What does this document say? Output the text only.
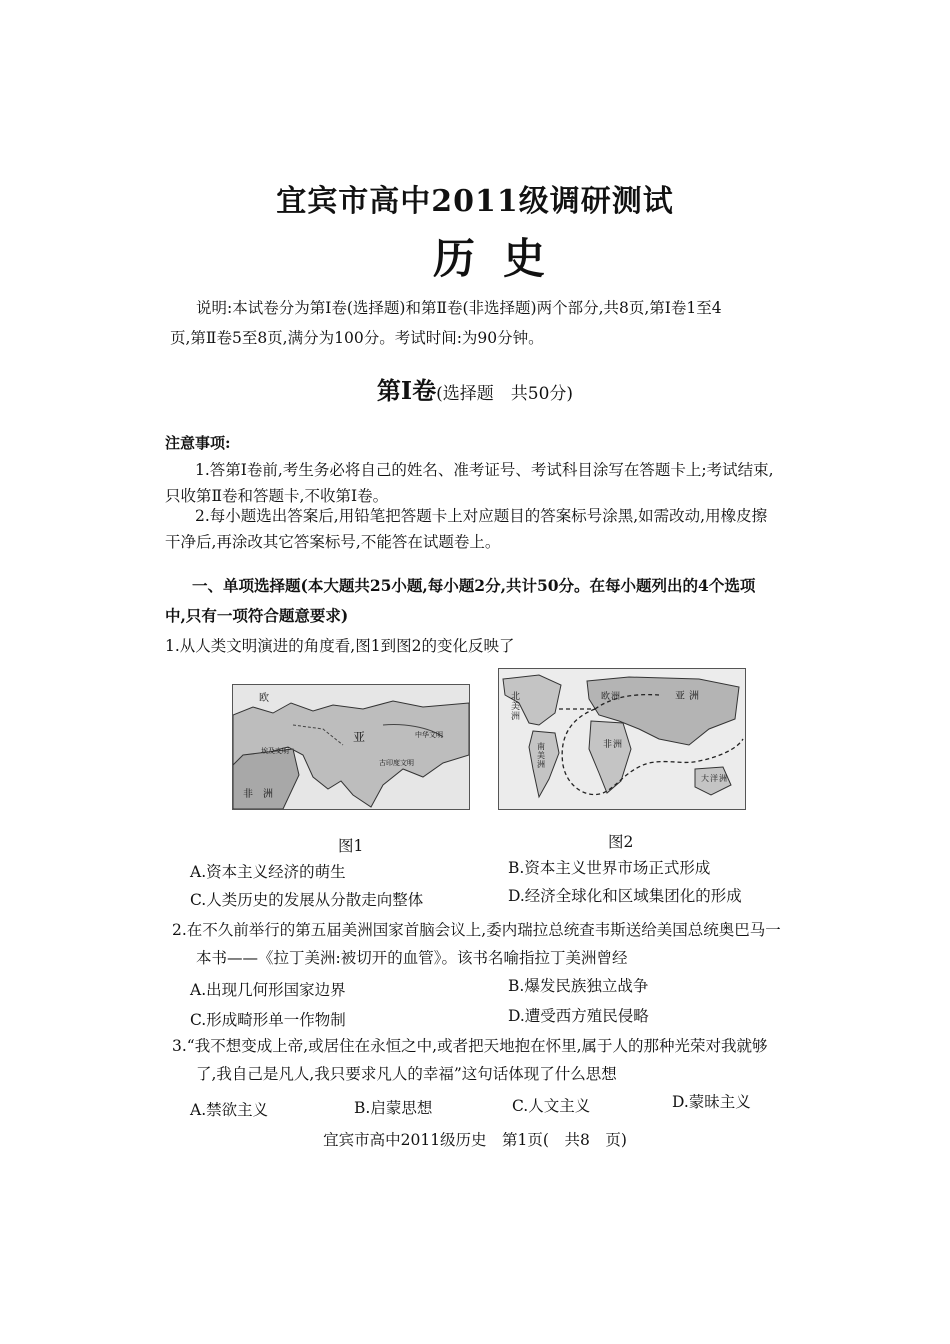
宜宾市高中2011级调研测试
历史
说明:本试卷分为第Ⅰ卷(选择题)和第Ⅱ卷(非选择题)两个部分,共8页,第Ⅰ卷1至4
页,第Ⅱ卷5至8页,满分为100分。考试时间:为90分钟。
第Ⅰ卷(选择题　共50分)
注意事项:
1.答第Ⅰ卷前,考生务必将自己的姓名、准考证号、考试科目涂写在答题卡上;考试结束,
只收第Ⅱ卷和答题卡,不收第Ⅰ卷。
2.每小题选出答案后,用铅笔把答题卡上对应题目的答案标号涂黑,如需改动,用橡皮擦
干净后,再涂改其它答案标号,不能答在试题卷上。
一、单项选择题(本大题共25小题,每小题2分,共计50分。在每小题列出的4个选项
中,只有一项符合题意要求)
1.从人类文明演进的角度看,图1到图2的变化反映了
欧
亚
非　洲
埃及文明
古印度文明
中华文明
北
美
洲
欧 洲	亚 洲
非 洲
南
美
洲
大 洋 洲
图1	图2
A.资本主义经济的萌生	B.资本主义世界市场正式形成
C.人类历史的发展从分散走向整体	D.经济全球化和区域集团化的形成
2.在不久前举行的第五届美洲国家首脑会议上,委内瑞拉总统查韦斯送给美国总统奥巴马一
本书——《拉丁美洲:被切开的血管》。该书名喻指拉丁美洲曾经
A.出现几何形国家边界	B.爆发民族独立战争
C.形成畸形单一作物制	D.遭受西方殖民侵略
3.“我不想变成上帝,或居住在永恒之中,或者把天地抱在怀里,属于人的那种光荣对我就够
了,我自己是凡人,我只要求凡人的幸福”这句话体现了什么思想
A.禁欲主义	B.启蒙思想	C.人文主义	D.蒙昧主义
宜宾市高中2011级历史　第1页(　共8　页)
